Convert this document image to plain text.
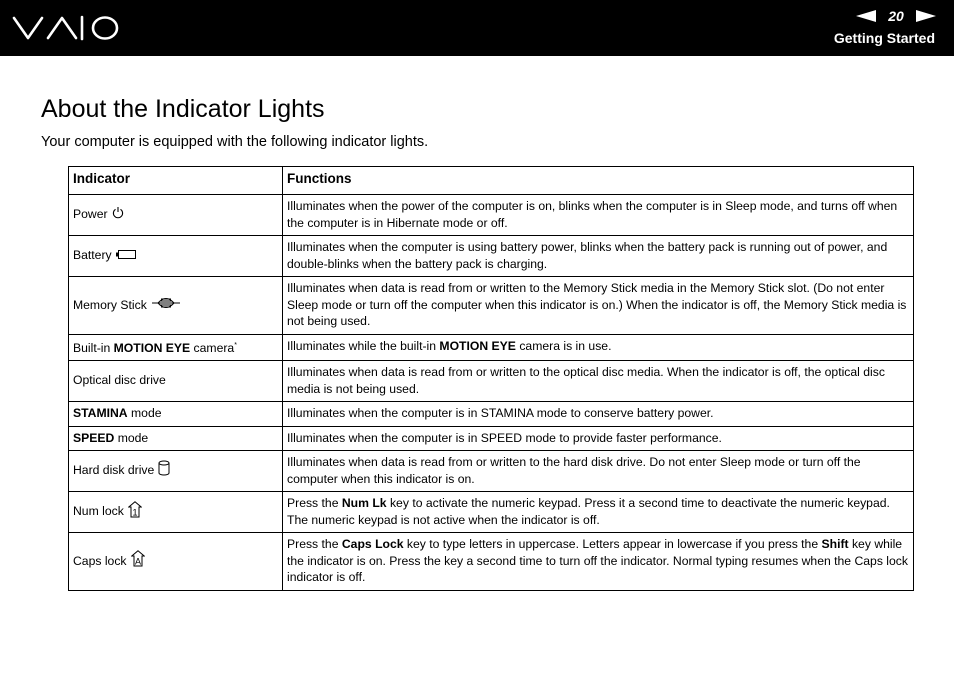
20
Getting Started
About the Indicator Lights

Your computer is equipped with the following indicator lights.

Indicator	Functions

Power	Illuminates when the power of the computer is on, blinks when the computer is in Sleep mode, and turns off when the computer is in Hibernate mode or off.

Battery	Illuminates when the computer is using battery power, blinks when the battery pack is running out of power, and double-blinks when the battery pack is charging.

Memory Stick	Illuminates when data is read from or written to the Memory Stick media in the Memory Stick slot. (Do not enter Sleep mode or turn off the computer when this indicator is on.) When the indicator is off, the Memory Stick media is not being used.

Built-in MOTION EYE camera*	Illuminates while the built-in MOTION EYE camera is in use.

Optical disc drive	Illuminates when data is read from or written to the optical disc media. When the indicator is off, the optical disc media is not being used.

STAMINA mode	Illuminates when the computer is in STAMINA mode to conserve battery power.

SPEED mode	Illuminates when the computer is in SPEED mode to provide faster performance.

Hard disk drive	Illuminates when data is read from or written to the hard disk drive. Do not enter Sleep mode or turn off the computer when this indicator is on.

Num lock 1	Press the Num Lk key to activate the numeric keypad. Press it a second time to deactivate the numeric keypad. The numeric keypad is not active when the indicator is off.

Caps lock A	Press the Caps Lock key to type letters in uppercase. Letters appear in lowercase if you press the Shift key while the indicator is on. Press the key a second time to turn off the indicator. Normal typing resumes when the Caps lock indicator is off.
